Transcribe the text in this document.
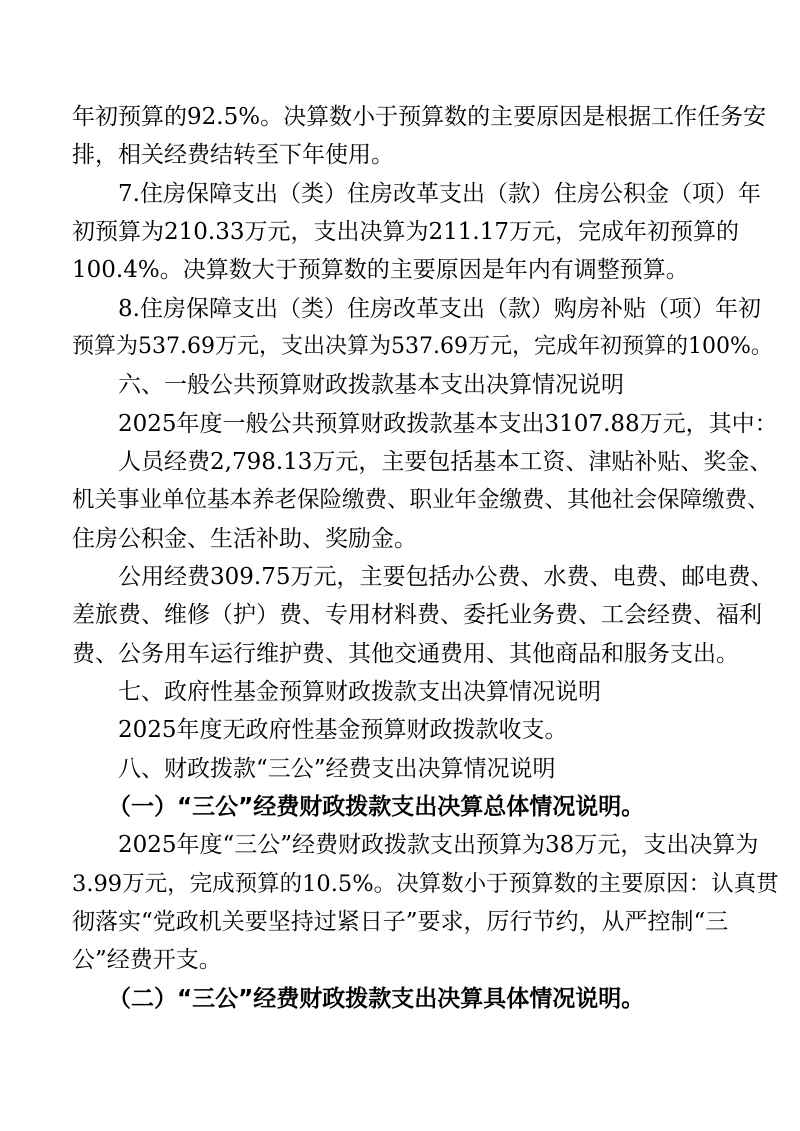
年初预算的92.5%。决算数小于预算数的主要原因是根据工作任务安

排，相关经费结转至下年使用。

7.住房保障支出（类）住房改革支出（款）住房公积金（项）年

初预算为210.33万元，支出决算为211.17万元，完成年初预算的

100.4%。决算数大于预算数的主要原因是年内有调整预算。

8.住房保障支出（类）住房改革支出（款）购房补贴（项）年初

预算为537.69万元，支出决算为537.69万元，完成年初预算的100%。

六、一般公共预算财政拨款基本支出决算情况说明

2025年度一般公共预算财政拨款基本支出3107.88万元，其中：

人员经费2,798.13万元，主要包括基本工资、津贴补贴、奖金、

机关事业单位基本养老保险缴费、职业年金缴费、其他社会保障缴费、

住房公积金、生活补助、奖励金。

公用经费309.75万元，主要包括办公费、水费、电费、邮电费、

差旅费、维修（护）费、专用材料费、委托业务费、工会经费、福利

费、公务用车运行维护费、其他交通费用、其他商品和服务支出。

七、政府性基金预算财政拨款支出决算情况说明

2025年度无政府性基金预算财政拨款收支。

八、财政拨款“三公”经费支出决算情况说明

（一）“三公”经费财政拨款支出决算总体情况说明。

2025年度“三公”经费财政拨款支出预算为38万元，支出决算为

3.99万元，完成预算的10.5%。决算数小于预算数的主要原因：认真贯

彻落实“党政机关要坚持过紧日子”要求，厉行节约，从严控制“三

公”经费开支。

（二）“三公”经费财政拨款支出决算具体情况说明。
